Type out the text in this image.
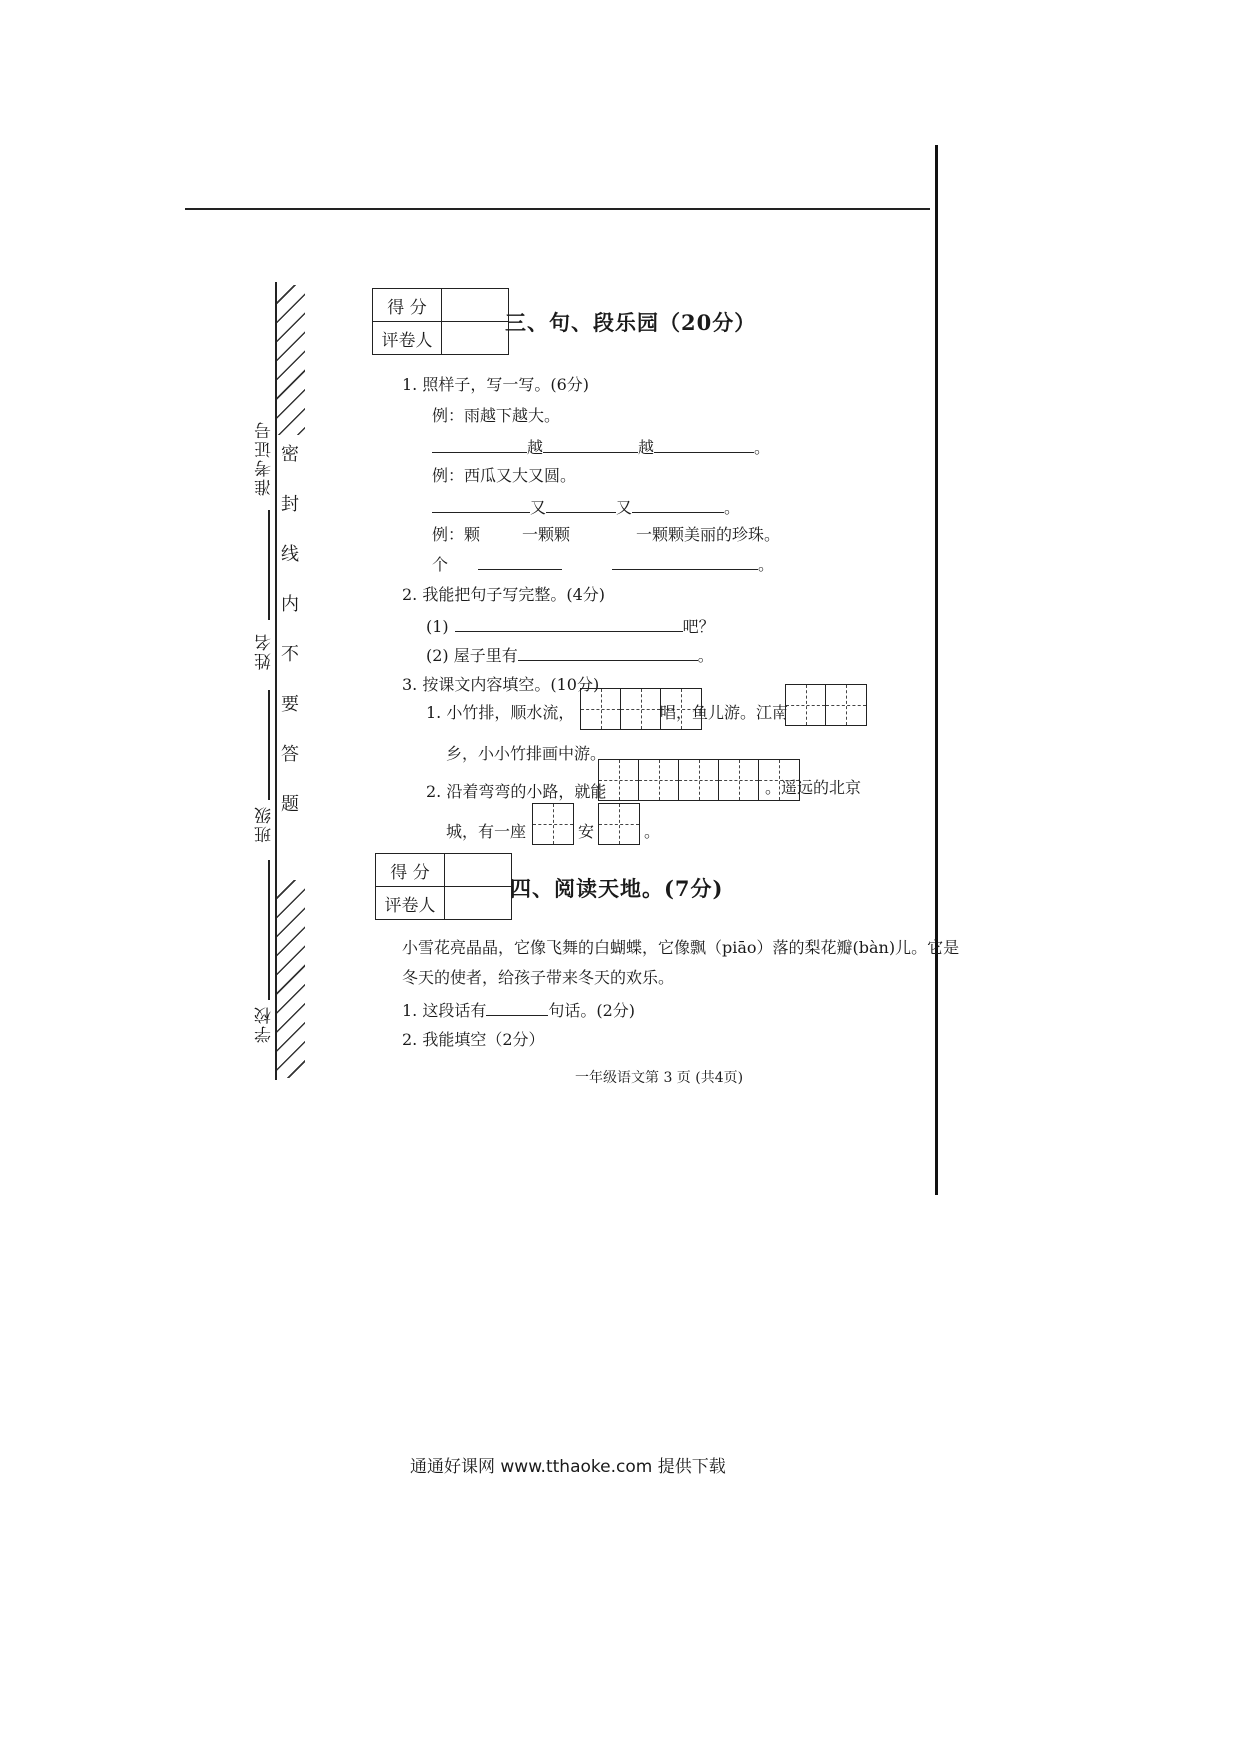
准考证号
姓名
班级
学校
密
封
线
内
不
要
答
题
得 分	
评卷人	
三、句、段乐园（20分）
1. 照样子，写一写。(6分)
例：雨越下越大。
越	越	。
例：西瓜又大又圆。
又	又	。
例：颗	一颗颗	一颗颗美丽的珍珠。
个	。
2. 我能把句子写完整。(4分)
(1)	吧？
(2) 屋子里有	。
3. 按课文内容填空。(10分)
1. 小竹排，顺水流，	唱，鱼儿游。江南
乡，小小竹排画中游。
2. 沿着弯弯的小路，就能	。遥远的北京
城，有一座	安	。
得 分	
评卷人	
四、阅读天地。(7分)
小雪花亮晶晶，它像飞舞的白蝴蝶，它像飘（piāo）落的梨花瓣(bàn)儿。它是
冬天的使者，给孩子带来冬天的欢乐。
1. 这段话有	句话。(2分)
2. 我能填空（2分）
一年级语文第 3 页 (共4页)
通通好课网 www.tthaoke.com 提供下载
